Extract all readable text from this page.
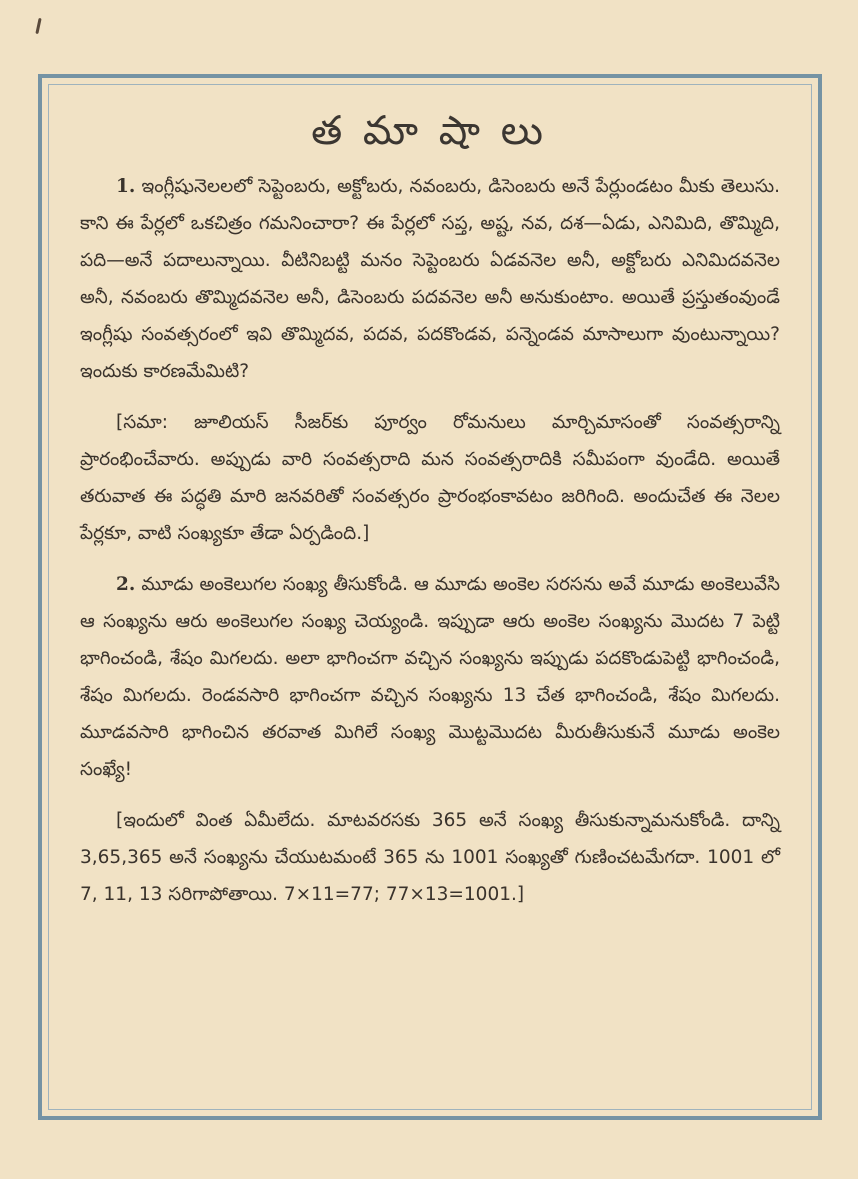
త మా షా లు

1. ఇంగ్లీషునెలలలో సెప్టెంబరు, అక్టోబరు, నవంబరు, డిసెంబరు అనే పేర్లుండటం మీకు తెలుసు. కాని ఈ పేర్లలో ఒకచిత్రం గమనించారా? ఈ పేర్లలో సప్త, అష్ట, నవ, దశ—ఏడు, ఎనిమిది, తొమ్మిది, పది—అనే పదాలున్నాయి. వీటినిబట్టి మనం సెప్టెంబరు ఏడవనెల అనీ, అక్టోబరు ఎనిమిదవనెల అనీ, నవంబరు తొమ్మిదవనెల అనీ, డిసెంబరు పదవనెల అనీ అనుకుంటాం. అయితే ప్రస్తుతంవుండే ఇంగ్లీషు సంవత్సరంలో ఇవి తొమ్మిదవ, పదవ, పదకొండవ, పన్నెండవ మాసాలుగా వుంటున్నాయి? ఇందుకు కారణమేమిటి?

[సమా: జూలియస్ సీజర్‌కు పూర్వం రోమనులు మార్చిమాసంతో సంవత్సరాన్ని ప్రారంభించేవారు. అప్పుడు వారి సంవత్సరాది మన సంవత్సరాదికి సమీపంగా వుండేది. అయితే తరువాత ఈ పద్ధతి మారి జనవరితో సంవత్సరం ప్రారంభంకావటం జరిగింది. అందుచేత ఈ నెలల పేర్లకూ, వాటి సంఖ్యకూ తేడా ఏర్పడింది.]

2. మూడు అంకెలుగల సంఖ్య తీసుకోండి. ఆ మూడు అంకెల సరసను అవే మూడు అంకెలువేసి ఆ సంఖ్యను ఆరు అంకెలుగల సంఖ్య చెయ్యండి. ఇప్పుడా ఆరు అంకెల సంఖ్యను మొదట 7 పెట్టి భాగించండి, శేషం మిగలదు. అలా భాగించగా వచ్చిన సంఖ్యను ఇప్పుడు పదకొండుపెట్టి భాగించండి, శేషం మిగలదు. రెండవసారి భాగించగా వచ్చిన సంఖ్యను 13 చేత భాగించండి, శేషం మిగలదు. మూడవసారి భాగించిన తరవాత మిగిలే సంఖ్య మొట్టమొదట మీరుతీసుకునే మూడు అంకెల సంఖ్యే!

[ఇందులో వింత ఏమీలేదు. మాటవరసకు 365 అనే సంఖ్య తీసుకున్నామనుకోండి. దాన్ని 3,65,365 అనే సంఖ్యను చేయుటమంటే 365 ను 1001 సంఖ్యతో గుణించటమేగదా. 1001 లో 7, 11, 13 సరిగాపోతాయి. 7×11=77; 77×13=1001.]
